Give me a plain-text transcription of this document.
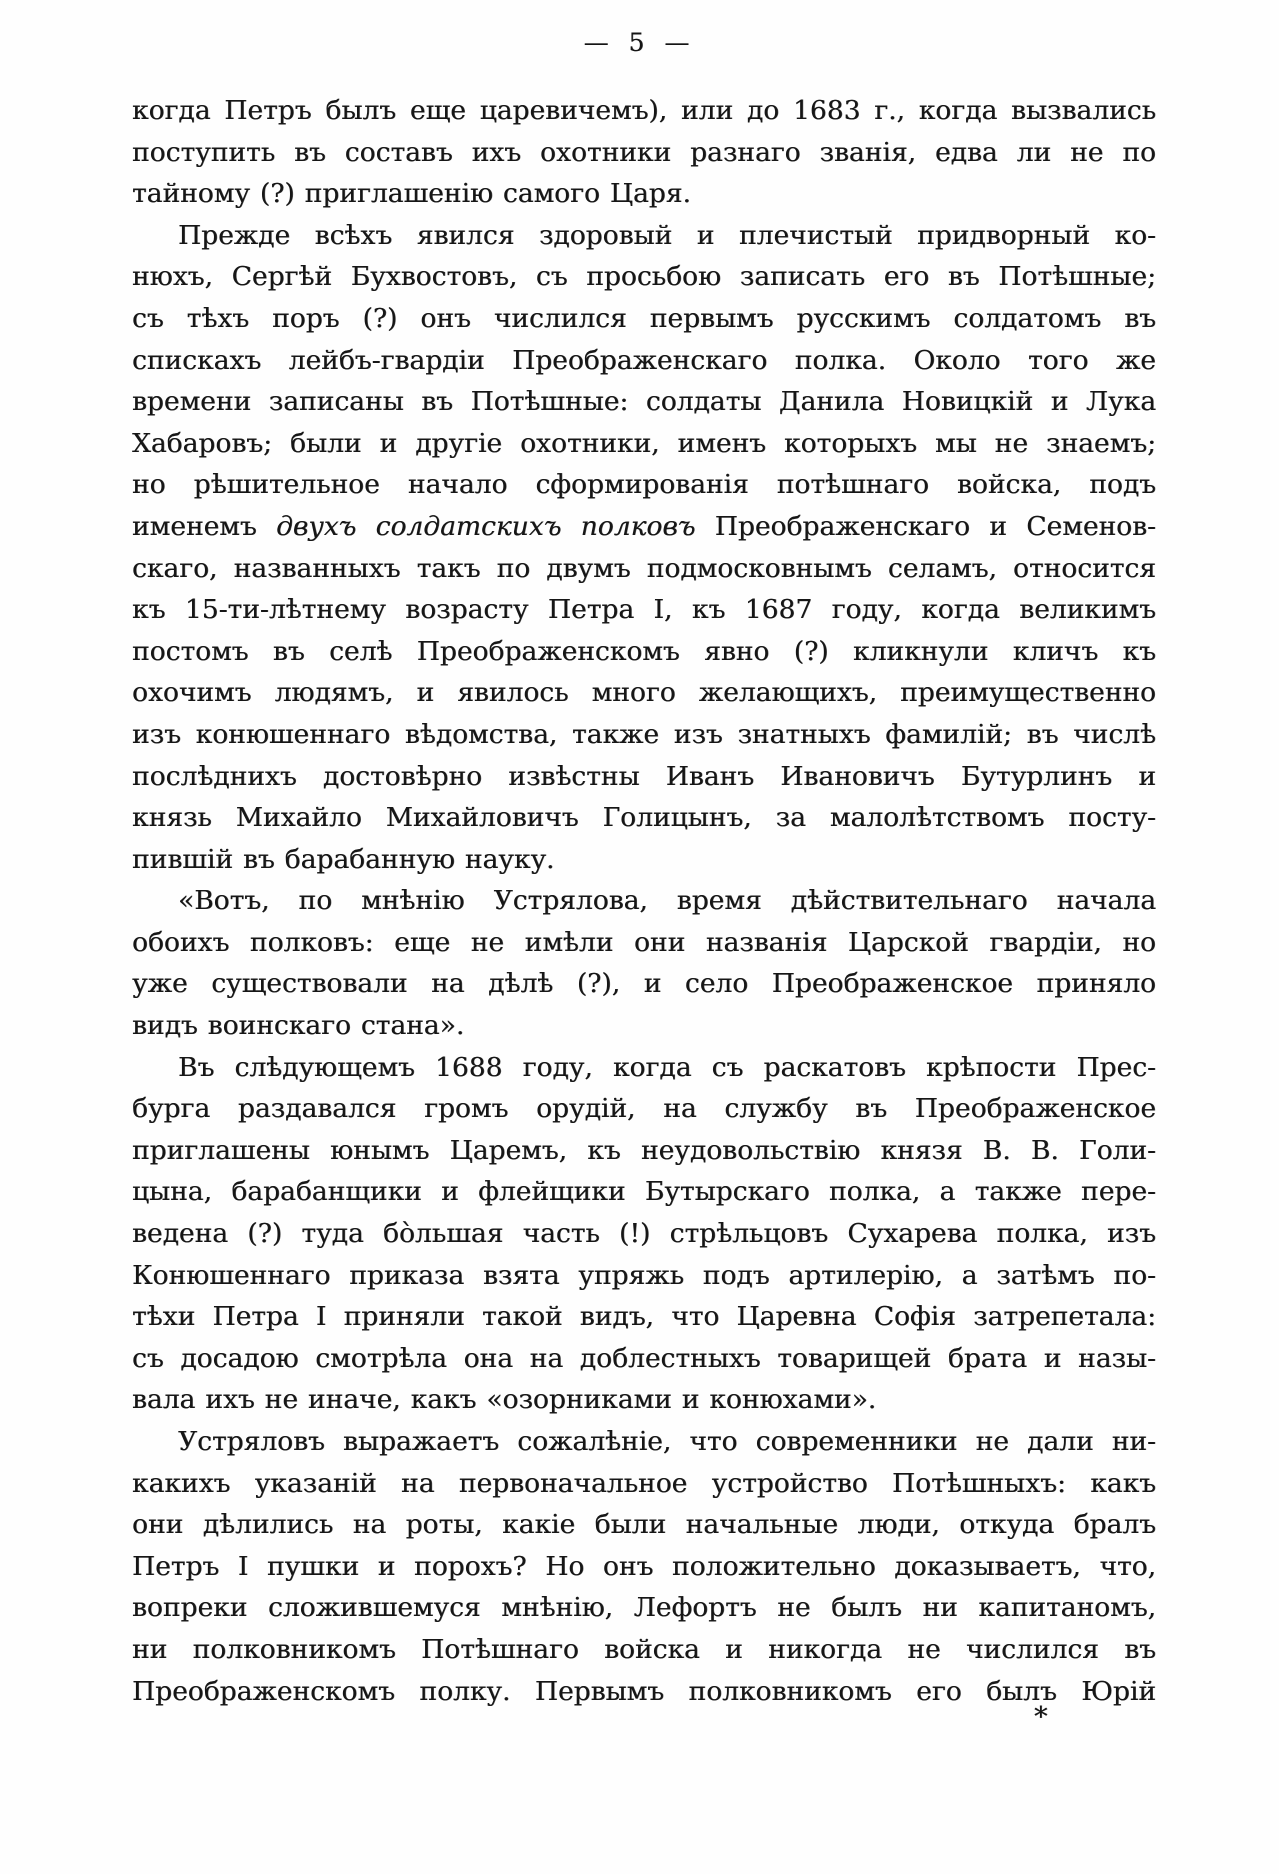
— 5 —
когда Петръ былъ еще царевичемъ), или до 1683 г., когда вызвались
поступить въ составъ ихъ охотники разнаго званія, едва ли не по
тайному (?) приглашенію самого Царя.
Прежде всѣхъ явился здоровый и плечистый придворный ко-
нюхъ, Сергѣй Бухвостовъ, съ просьбою записать его въ Потѣшные;
съ тѣхъ поръ (?) онъ числился первымъ русскимъ солдатомъ въ
спискахъ лейбъ-гвардіи Преображенскаго полка. Около того же
времени записаны въ Потѣшные: солдаты Данила Новицкій и Лука
Хабаровъ; были и другіе охотники, именъ которыхъ мы не знаемъ;
но рѣшительное начало сформированія потѣшнаго войска, подъ
именемъ двухъ солдатскихъ полковъ Преображенскаго и Семенов-
скаго, названныхъ такъ по двумъ подмосковнымъ селамъ, относится
къ 15-ти-лѣтнему возрасту Петра I, къ 1687 году, когда великимъ
постомъ въ селѣ Преображенскомъ явно (?) кликнули кличъ къ
охочимъ людямъ, и явилось много желающихъ, преимущественно
изъ конюшеннаго вѣдомства, также изъ знатныхъ фамилій; въ числѣ
послѣднихъ достовѣрно извѣстны Иванъ Ивановичъ Бутурлинъ и
князь Михайло Михайловичъ Голицынъ, за малолѣтствомъ посту-
пившій въ барабанную науку.
«Вотъ, по мнѣнію Устрялова, время дѣйствительнаго начала
обоихъ полковъ: еще не имѣли они названія Царской гвардіи, но
уже существовали на дѣлѣ (?), и село Преображенское приняло
видъ воинскаго стана».
Въ слѣдующемъ 1688 году, когда съ раскатовъ крѣпости Прес-
бурга раздавался громъ орудій, на службу въ Преображенское
приглашены юнымъ Царемъ, къ неудовольствію князя В. В. Голи-
цына, барабанщики и флейщики Бутырскаго полка, а также пере-
ведена (?) туда бо̀льшая часть (!) стрѣльцовъ Сухарева полка, изъ
Конюшеннаго приказа взята упряжь подъ артилерію, а затѣмъ по-
тѣхи Петра I приняли такой видъ, что Царевна Софія затрепетала:
съ досадою смотрѣла она на доблестныхъ товарищей брата и назы-
вала ихъ не иначе, какъ «озорниками и конюхами».
Устряловъ выражаетъ сожалѣніе, что современники не дали ни-
какихъ указаній на первоначальное устройство Потѣшныхъ: какъ
они дѣлились на роты, какіе были начальные люди, откуда бралъ
Петръ I пушки и порохъ? Но онъ положительно доказываетъ, что,
вопреки сложившемуся мнѣнію, Лефортъ не былъ ни капитаномъ,
ни полковникомъ Потѣшнаго войска и никогда не числился въ
Преображенскомъ полку. Первымъ полковникомъ его былъ Юрій
*
